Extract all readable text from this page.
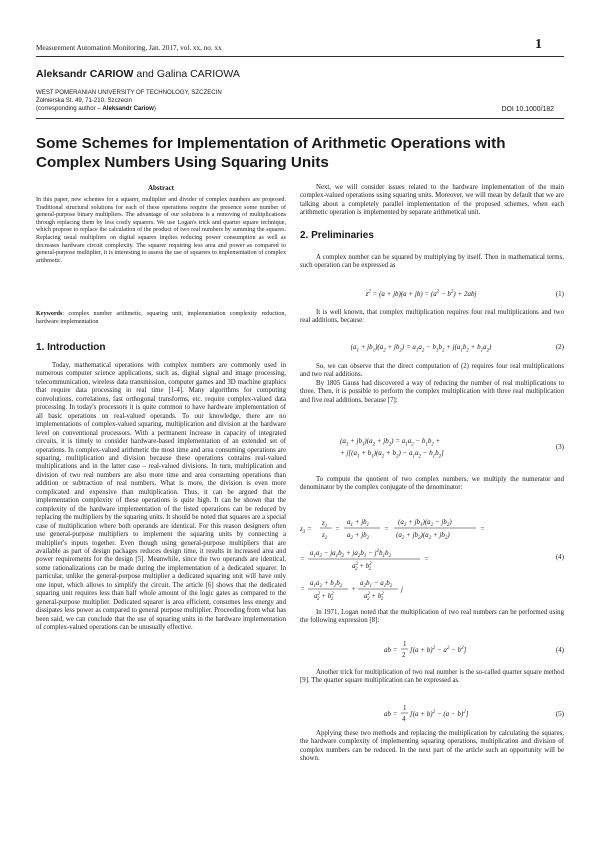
Measurement Automation Monitoring, Jan. 2017, vol. xx, no. xx	1
Aleksandr CARIOW and Galina CARIOWA
WEST POMERANIAN UNIVERSITY OF TECHNOLOGY, SZCZECIN
Żołnierska St. 49, 71-210, Szczecin
(corresponding author – Aleksandr Cariow)	DOI 10.1000/182
Some Schemes for Implementation of Arithmetic Operations with Complex Numbers Using Squaring Units
Abstract
In this paper, new schemes for a squarer, multiplier and divider of complex numbers are proposed. Traditional structural solutions for each of these operations require the presence some number of general-purpose binary multipliers. The advantage of our solutions is a removing of multiplications through replacing them by less costly squarers. We use Logan's trick and quarter square technique, which propose to replace the calculation of the product of two real numbers by summing the squares. Replacing usual multipliers on digital squares implies reducing power consumption as well as decreases hardware circuit complexity. The squarer requiring less area and power as compared to general-purpose multiplier, it is interesting to assess the use of squarers to implementation of complex arithmetic.
Keywords: complex number arithmetic, squaring unit, implementation complexity reduction, hardware implementation
1. Introduction

Today, mathematical operations with complex numbers are commonly used in numerous computer science applications, such as, digital signal and image processing, telecommunication, wireless data transmission, computer games and 3D machine graphics that require data processing in real time [1-4]. Many algorithms for computing convolutions, correlations, fast orthogonal transforms, etc. require complex-valued data processing. In today's processors it is quite common to have hardware implementation of all basic operations on real-valued operands. To our knowledge, there are no implementations of complex-valued squaring, multiplication and division at the hardware level on conventional processors. With a permanent increase in capacity of integrated circuits, it is timely to consider hardware-based implementation of an extended set of operations. In complex-valued arithmetic the most time and area consuming operations are squaring, multiplication and division because these operations contains real-valued multiplications and in the latter case – real-valued divisions. In turn, multiplication and division of two real numbers are also more time and area consuming operations than addition or subtraction of real numbers. What is more, the division is even more complicated and expensive than multiplication. Thus, it can be argued that the implementation complexity of these operations is quite high. It can be shown that the complexity of the hardware implementation of the listed operations can be reduced by replacing the multipliers by the squaring units. It should be noted that squares are a special case of multiplication where both operands are identical. For this reason designers often use general-purpose multipliers to implement the squaring units by connecting a multiplier's inputs together. Even though using general-purpose multipliers that are available as part of design packages reduces design time, it results in increased area and power requirements for the design [5]. Meanwhile, since the two operands are identical, some rationalizations can be made during the implementation of a dedicated squarer. In particular, unlike the general-purpose multiplier a dedicated squaring unit will have only one input, which allows to simplify the circuit. The article [6] shows that the dedicated squaring unit requires less than half whole amount of the logic gates as compared to the general-purpose multiplier. Dedicated squarer is area efficient, consumes less energy and dissipates less power as compared to general purpose multiplier. Proceeding from what has been said, we can conclude that the use of squaring units in the hardware implementation of complex-valued operations can be unusually effective.

Next, we will consider issues related to the hardware implementation of the main complex-valued operations using squaring units. Moreover, we will mean by default that we are talking about a completely parallel implementation of the proposed schemes, when each arithmetic operation is implemented by separate arithmetical unit.

2. Preliminaries

A complex number can be squared by multiplying by itself. Then in mathematical terms, such operation can be expressed as

$z^2 = (a + jb)(a + jb) = (a^2 - b^2) + 2abj$	(1)

It is well known, that complex multiplication requires four real multiplications and two real additions, because:

$(a_1 + jb_1)(a_2 + jb_2) = a_1a_2 - b_1b_2 + j(a_1b_2 + b_1a_2)$	(2)

So, we can observe that the direct computation of (2) requires four real multiplications and two real additions.

By 1805 Gauss had discovered a way of reducing the number of real multiplications to three. Then, it is possible to perform the complex multiplication with three real multiplication and five real additions, because [7]:

$(a_1 + jb_1)(a_2 + jb_2) = a_1a_2 - b_1b_2$ +
+ $j[(a_1 + b_1)(a_2 + b_2) - a_1a_2 - b_1b_2]$
(3)

To compute the quotient of two complex numbers, we multiply the numerator and denominator by the complex conjugate of the denominator:

$z_3$ =
$z_1$
$z_2$
=
$a_1 + jb_1$
$a_2 + jb_2$
=
$(a_1 + jb_1)(a_2 - jb_2)$
$(a_2 + jb_2)(a_2 + jb_2)$
=
=
$a_1a_2 - ja_1b_2 + ja_2b_1 - j^2b_1b_2$
$a^2$ $2 + b^2$ 2
=
=
$a_1a_2 + b_1b_2$
$a^2$ $2 + b^2$ 2
+
$a_2b_1 - a_1b_2$
$a^2$ $2 + b^2$ 2
j
(4)

In 1971, Logan noted that the multiplication of two real numbers can be performed using the following expression [8]:

ab =
1
2
$[(a + b)^2 - a^2 - b^2]$	(4)

Another trick for multiplication of two real number is the so-called quarter square method [9]. The quarter square multiplication can be expressed as.

ab =
1
4
$[(a + b)^2 - (a - b)^2]$	(5)

Applying these two methods and replacing the multiplication by calculating the squares, the hardware complexity of implementing squaring operations, multiplication and division of complex numbers can be reduced. In the next part of the article such an opportunity will be shown.
